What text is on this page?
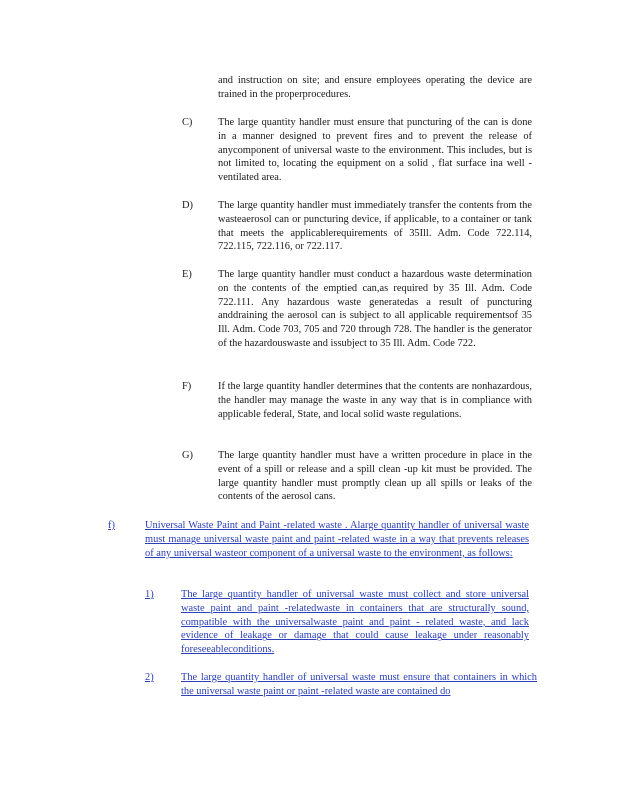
and instruction on site; and ensure employees operating the device are trained in the properprocedures.

C) The large quantity handler must ensure that puncturing of the can is done in a manner designed to prevent fires and to prevent the release of anycomponent of universal waste to the environment. This includes, but is not limited to, locating the equipment on a solid , flat surface ina well -ventilated area.

D) The large quantity handler must immediately transfer the contents from the wasteaerosol can or puncturing device, if applicable, to a container or tank that meets the applicablerequirements of 35Ill. Adm. Code 722.114, 722.115, 722.116, or 722.117.

E)	The large quantity handler must conduct a hazardous waste determination on the contents of the emptied can,as required by 35 Ill. Adm. Code 722.111. Any hazardous waste generatedas a result of puncturing anddraining the aerosol can is subject to all applicable requirementsof 35 Ill. Adm. Code 703, 705 and 720 through 728. The handler is the generator of the hazardouswaste and issubject to 35 Ill. Adm. Code 722.

F)	If the large quantity handler determines that the contents are nonhazardous, the handler may manage the waste in any way that is in compliance with applicable federal, State, and local solid waste regulations.

G) The large quantity handler must have a written procedure in place in the event of a spill or release and a spill clean -up kit must be provided. The large quantity handler must promptly clean up all spills or leaks of the contents of the aerosol cans.

f)	Universal Waste Paint and Paint -related waste . Alarge quantity handler of universal waste must manage universal waste paint and paint -related waste in a way that prevents releases of any universal wasteor component of a universal waste to the environment, as follows:

1)	The large quantity handler of universal waste must collect and store universal waste paint and paint -relatedwaste in containers that are structurally sound, compatible with the universalwaste paint and paint - related waste, and lack evidence of leakage or damage that could cause leakage under reasonably foreseeableconditions.

2)	The large quantity handler of universal waste must ensure that containers in which the universal waste paint or paint -related waste are contained do
